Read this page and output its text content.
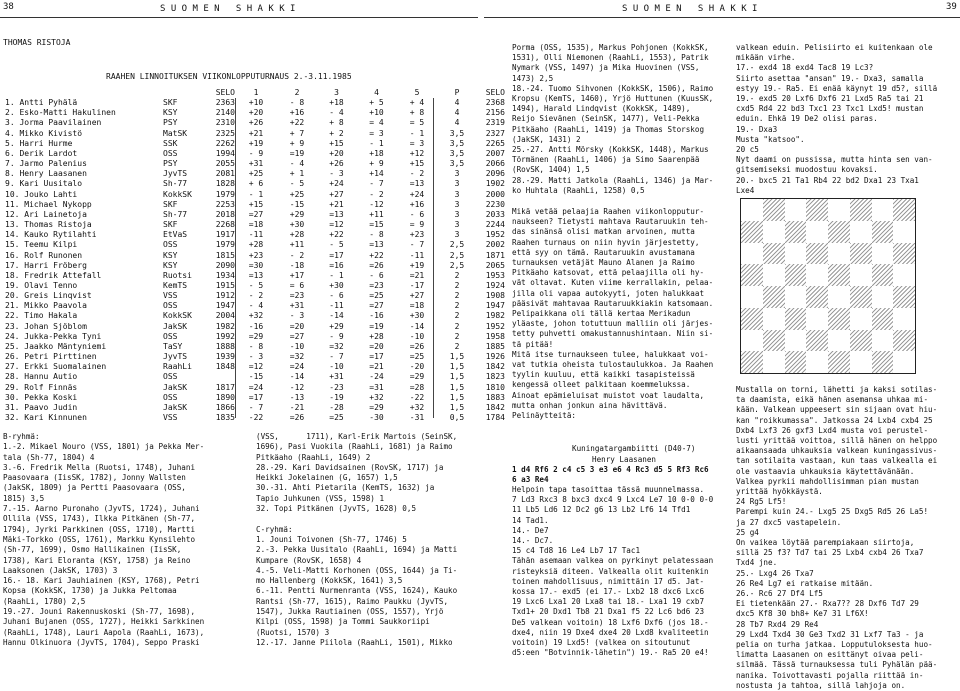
38	S U O M E N   S H A K K I	S U O M E N   S H A K K I	39
THOMAS RISTOJA
RAAHEN LINNOITUKSEN VIIKONLOPPUTURNAUS 2.-3.11.1985
		SELO	1	2	3	4	5	P	SELO
1. Antti Pyhälä	SKF	2363	+10	- 8	+18	+ 5	+ 4	4	2368
2. Esko-Matti Hakulinen	KSY	2140	+20	+16	- 4	+10	+ 8	4	2156
3. Jorma Paavilainen	PSY	2310	+26	+22	+ 8	= 4	= 5	4	2319
4. Mikko Kivistö	MatSK	2325	+21	+ 7	+ 2	= 3	- 1	3,5	2327
5. Harri Hurme	SSK	2262	+19	+ 9	+15	- 1	= 3	3,5	2265
6. Derik Lardot	OSS	1994	- 9	=19	+20	+18	+12	3,5	2007
7. Jarmo Palenius	PSY	2055	+31	- 4	+26	+ 9	+15	3,5	2066
8. Henry Laasanen	JyvTS	2081	+25	+ 1	- 3	+14	- 2	3	2096
9. Kari Uusitalo	Sh-77	1828	+ 6	- 5	+24	- 7	=13	3	1902
10. Jouko Lahti	KokkSK	1979	- 1	+25	+27	- 2	+24	3	2000
11. Michael Nykopp	SKF	2253	+15	-15	+21	-12	+16	3	2230
12. Ari Lainetoja	Sh-77	2018	=27	+29	=13	+11	- 6	3	2033
13. Thomas Ristoja	SKF	2268	=18	+30	=12	=15	= 9	3	2244
14. Kauko Rytilahti	EtVaS	1917	-11	+28	+22	- 8	+23	3	1952
15. Teemu Kilpi	OSS	1979	+28	+11	- 5	=13	- 7	2,5	2002
16. Rolf Runonen	KSY	1815	+23	- 2	=17	+22	-11	2,5	1871
17. Harri Fröberg	KSY	2090	=30	-18	=16	=26	+19	2,5	2065
18. Fredrik Attefall	Ruotsi	1934	=13	+17	- 1	- 6	=21	2	1953
19. Olavi Tenno	KemTS	1915	- 5	= 6	+30	=23	-17	2	1924
20. Greis Linqvist	VSS	1912	- 2	=23	- 6	=25	+27	2	1908
21. Mikko Paavola	OSS	1947	- 4	+31	-11	=27	=18	2	1947
22. Timo Hakala	KokkSK	2004	+32	- 3	-14	-16	+30	2	1982
23. Johan Sjöblom	JakSK	1982	-16	=20	+29	=19	-14	2	1952
24. Jukka-Pekka Tyni	OSS	1992	=29	=27	- 9	+28	-10	2	1958
25. Jaakko Mäntyniemi	TaSY	1888	- 8	-10	=32	=20	=26	2	1885
26. Petri Pirttinen	JyvTS	1939	- 3	=32	- 7	=17	=25	1,5	1926
27. Erkki Suomalainen	RaahLi	1848	=12	=24	-10	=21	-20	1,5	1842
28. Hannu Autio	OSS		-15	-14	+31	-24	=29	1,5	1823
29. Rolf Finnäs	JakSK	1817	=24	-12	-23	=31	=28	1,5	1810
30. Pekka Koski	OSS	1890	=17	-13	-19	+32	-22	1,5	1883
31. Paavo Judin	JakSK	1866	- 7	-21	-28	=29	+32	1,5	1842
32. Kari Kinnunen	VSS	1835	-22	=26	=25	-30	-31	0,5	1784
B-ryhmä:
1.-2. Mikael Nouro (VSS, 1801) ja Pekka Mer-
tala (Sh-77, 1804) 4
3.-6. Fredrik Mella (Ruotsi, 1748), Juhani
Paasovaara (IisSK, 1782), Jonny Wallsten
(JakSK, 1809) ja Pertti Paasovaara (OSS,
1815) 3,5
7.-15. Aarno Puronaho (JyvTS, 1724), Juhani
Ollila (VSS, 1743), Ilkka Pitkänen (Sh-77,
1794), Jyrki Parkkinen (OSS, 1710), Martti
Mäki-Torkko (OSS, 1761), Markku Kynsilehto
(Sh-77, 1699), Osmo Hallikainen (IisSK,
1738), Kari Eloranta (KSY, 1758) ja Reino
Laaksonen (JakSK, 1703) 3
16.- 18. Kari Jauhiainen (KSY, 1768), Petri
Kopsa (KokkSK, 1730) ja Jukka Peltomaa
(RaahLi, 1780) 2,5
19.-27. Jouni Rakennuskoski (Sh-77, 1698),
Juhani Bujanen (OSS, 1727), Heikki Sarkkinen
(RaahLi, 1748), Lauri Aapola (RaahLi, 1673),
Hannu Olkinuora (JyvTS, 1704), Seppo Praski
(VSS,      1711), Karl-Erik Martois (SeinSK,
1696), Pasi Vuokila (RaahLi, 1681) ja Raimo
Pitkäaho (RaahLi, 1649) 2
28.-29. Kari Davidsainen (RovSK, 1717) ja
Heikki Jokelainen (G, 1657) 1,5
30.-31. Ahti Pietarila (KemTS, 1632) ja
Tapio Juhkunen (VSS, 1598) 1
32. Topi Pitkänen (JyvTS, 1628) 0,5

C-ryhmä:
1. Jouni Toivonen (Sh-77, 1746) 5
2.-3. Pekka Uusitalo (RaahLi, 1694) ja Matti
Kumpare (RovSK, 1658) 4
4.-5. Veli-Matti Korhonen (OSS, 1644) ja Ti-
mo Hallenberg (KokkSK, 1641) 3,5
6.-11. Pentti Nurmenranta (VSS, 1624), Kauko
Rantsi (Sh-77, 1615), Raimo Paukku (JyvTS,
1547), Jukka Rautiainen (OSS, 1557), Yrjö
Kilpi (OSS, 1598) ja Tommi Saukkoriipi
(Ruotsi, 1570) 3
12.-17. Janne Piilola (RaahLi, 1501), Mikko
Porma (OSS, 1535), Markus Pohjonen (KokkSK,
1531), Olli Niemonen (RaahLi, 1553), Patrik
Nymark (VSS, 1497) ja Mika Huovinen (VSS,
1473) 2,5
18.-24. Tuomo Sihvonen (KokkSK, 1506), Raimo
Kropsu (KemTS, 1460), Yrjö Huttunen (KuusSK,
1494), Harald Lindqvist (KokkSK, 1489),
Reijo Sievänen (SeinSK, 1477), Veli-Pekka
Pitkäaho (RaahLi, 1419) ja Thomas Storskog
(JakSK, 1431) 2
25.-27. Antti Mörsky (KokkSK, 1448), Markus
Törmänen (RaahLi, 1406) ja Simo Saarenpää
(RovSK, 1404) 1,5
28.-29. Matti Jatkola (RaahLi, 1346) ja Mar-
ko Huhtala (RaahLi, 1258) 0,5
Mikä vetää pelaajia Raahen viikonlopputur-
naukseen? Tietysti mahtava Rautaruukin teh-
das sinänsä olisi matkan arvoinen, mutta
Raahen turnaus on niin hyvin järjestetty,
että syy on tämä. Rautaruukin avustamana
turnauksen vetäjät Mauno Alanen ja Raimo
Pitkäaho katsovat, että pelaajilla oli hy-
vät oltavat. Kuten viime kerrallakin, pelaa-
jilla oli vapaa autokyyti, joten halukkaat
pääsivät mahtavaa Rautaruukkiakin katsomaan.
Pelipaikkana oli tällä kertaa Merikadun
yläaste, johon totuttuun malliin oli järjes-
tetty puhvetti omakustannushintaan. Niin si-
tä pitää!
Mitä itse turnaukseen tulee, halukkaat voi-
vat tutkia oheista tulostaulukkoa. Ja Raahen
tyylin kuuluu, että kaikki tasapisteissä
kengessä olleet palkitaan koemmelukssa.
Ainoat epämieluisat muistot voat laudalta,
mutta onhan jonkun aina hävittävä.
Pelinäytteitä:
Kuningatargambiitti (D40-7)
Henry Laasanen
1 d4 Rf6 2 c4 c5 3 e3 e6 4 Rc3 d5 5 Rf3 Rc6
6 a3 Re4
Helpoin tapa tasoittaa tässä muunnelmassa.
7 Ld3 Rxc3 8 bxc3 dxc4 9 Lxc4 Le7 10 0-0 0-0
11 Lb5 Ld6 12 Dc2 g6 13 Lb2 Lf6 14 Tfd1
14 Tad1.
14.- De7
14.- Dc7.
15 c4 Td8 16 Le4 Lb7 17 Tac1
Tähän asemaan valkea on pyrkinyt pelatessaan
risteyksiä diteen. Valkealla olit kuitenkin
toinen mahdollisuus, nimittäin 17 d5. Jat-
kossa 17.- exd5 (ei 17.- Lxb2 18 dxc6 Lxc6
19 Lxc6 Lxa1 20 Lxa8 tai 18.- Lxa1 19 cxb7
Txd1+ 20 Dxd1 Tb8 21 Dxa1 f5 22 Lc6 bd6 23
De5 valkean voitoin) 18 Lxf6 Dxf6 (jos 18.-
dxe4, niin 19 Dxe4 dxe4 20 Lxd8 kvaliteetin
voitoin) 19 Lxd5! (valkea on sitoutunut
d5:een "Botvinnik-lähetin") 19.- Ra5 20 e4!
valkean eduin. Pelisiirto ei kuitenkaan ole
mikään virhe.
17.- exd4 18 exd4 Tac8 19 Lc3?
Siirto asettaa "ansan" 19.- Dxa3, samalla
estyy 19.- Ra5. Ei enää käynyt 19 d5?, sillä
19.- exd5 20 Lxf6 Dxf6 21 Lxd5 Ra5 tai 21
cxd5 Rd4 22 bd3 Txc1 23 Txc1 Lxd5! mustan
eduin. Ehkä 19 De2 olisi paras.
19.- Dxa3
Musta "katsoo".
20 c5
Nyt daami on pussissa, mutta hinta sen van-
gitsemiseksi muodostuu kovaksi.
20.- bxc5 21 Ta1 Rb4 22 bd2 Dxa1 23 Txa1
Lxe4
Mustalla on torni, lähetti ja kaksi sotilas-
ta daamista, eikä hänen asemansa uhkaa mi-
kään. Valkean uppeesert sin sijaan ovat hiu-
kan "roikkumassa". Jatkossa 24 Lxb4 cxb4 25
Dxb4 Lxf3 26 gxf3 Lxd4 musta voi perustel-
lusti yrittää voittoa, sillä hänen on helppo
aikaansaada uhkauksia valkean kuningassivus-
tan sotilaita vastaan, kun taas valkealla ei
ole vastaavia uhkauksia käytettävänään.
Valkea pyrkii mahdollisimman pian mustan
yrittää hyökkäystä.
24 Rg5 Lf5!
Parempi kuin 24.- Lxg5 25 Dxg5 Rd5 26 La5!
ja 27 dxc5 vastapelein.
25 g4
On vaikea löytää parempiakaan siirtoja,
sillä 25 f3? Td7 tai 25 Lxb4 cxb4 26 Txa7
Txd4 jne.
25.- Lxg4 26 Txa7
26 Re4 Lg7 ei ratkaise mitään.
26.- Rc6 27 Df4 Lf5
Ei tietenkään 27.- Rxa7?? 28 Dxf6 Td7 29
dxc5 Kf8 30 bh8+ Ke7 31 Lf6X!
28 Tb7 Rxd4 29 Re4
29 Lxd4 Txd4 30 Ge3 Txd2 31 Lxf7 Ta3 - ja
pelia on turha jatkaa. Lopputuloksesta huo-
limatta Laasanen on esittänyt oivaa peli-
silmää. Tässä turnauksessa tuli Pyhälän pää-
nanika. Toivottavasti pojalla riittää in-
nostusta ja tahtoa, sillä lahjoja on.
